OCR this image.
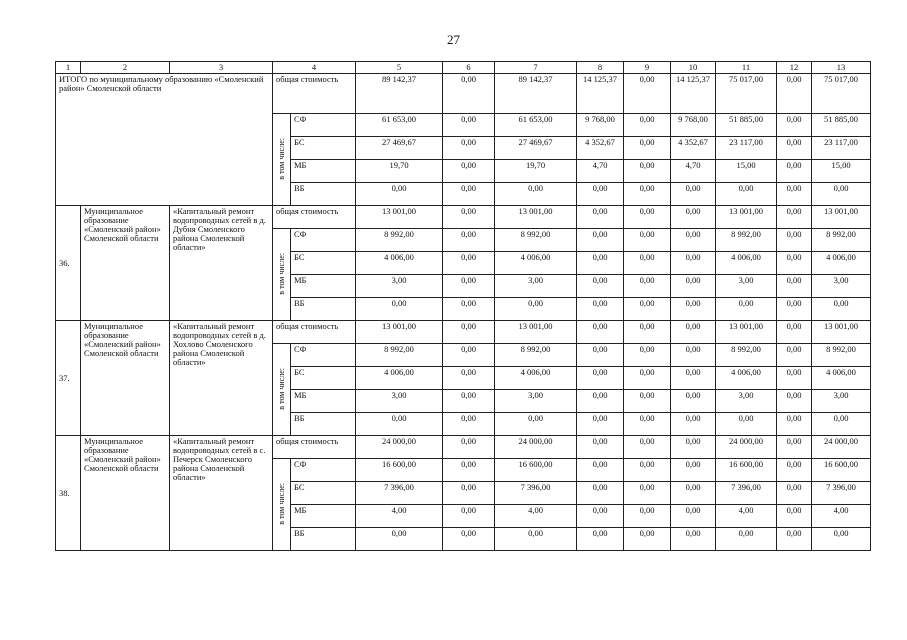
27
1	2	3	4		5	6	7	8	9	10	11	12	13
ИТОГО по муниципальному образованию «Смоленский район» Смоленской области			общая стоимость		89 142,37	0,00	89 142,37	14 125,37	0,00	14 125,37	75 017,00	0,00	75 017,00
			в том числе:	СФ	61 653,00	0,00	61 653,00	9 768,00	0,00	9 768,00	51 885,00	0,00	51 885,00
				БС	27 469,67	0,00	27 469,67	4 352,67	0,00	4 352,67	23 117,00	0,00	23 117,00
				МБ	19,70	0,00	19,70	4,70	0,00	4,70	15,00	0,00	15,00
				ВБ	0,00	0,00	0,00	0,00	0,00	0,00	0,00	0,00	0,00
36.	Муниципальное образование «Смоленский район» Смоленской области	«Капитальный ремонт водопроводных сетей в д. Дубня Смоленского района Смоленской области»	общая стоимость		13 001,00	0,00	13 001,00	0,00	0,00	0,00	13 001,00	0,00	13 001,00
			в том числе:	СФ	8 992,00	0,00	8 992,00	0,00	0,00	0,00	8 992,00	0,00	8 992,00
				БС	4 006,00	0,00	4 006,00	0,00	0,00	0,00	4 006,00	0,00	4 006,00
				МБ	3,00	0,00	3,00	0,00	0,00	0,00	3,00	0,00	3,00
				ВБ	0,00	0,00	0,00	0,00	0,00	0,00	0,00	0,00	0,00
37.	Муниципальное образование «Смоленский район» Смоленской области	«Капитальный ремонт водопроводных сетей в д. Хохлово Смоленского района Смоленской области»	общая стоимость		13 001,00	0,00	13 001,00	0,00	0,00	0,00	13 001,00	0,00	13 001,00
			в том числе:	СФ	8 992,00	0,00	8 992,00	0,00	0,00	0,00	8 992,00	0,00	8 992,00
				БС	4 006,00	0,00	4 006,00	0,00	0,00	0,00	4 006,00	0,00	4 006,00
				МБ	3,00	0,00	3,00	0,00	0,00	0,00	3,00	0,00	3,00
				ВБ	0,00	0,00	0,00	0,00	0,00	0,00	0,00	0,00	0,00
38.	Муниципальное образование «Смоленский район» Смоленской области	«Капитальный ремонт водопроводных сетей в с. Печерск Смоленского района Смоленской области»	общая стоимость		24 000,00	0,00	24 000,00	0,00	0,00	0,00	24 000,00	0,00	24 000,00
			в том числе:	СФ	16 600,00	0,00	16 600,00	0,00	0,00	0,00	16 600,00	0,00	16 600,00
				БС	7 396,00	0,00	7 396,00	0,00	0,00	0,00	7 396,00	0,00	7 396,00
				МБ	4,00	0,00	4,00	0,00	0,00	0,00	4,00	0,00	4,00
				ВБ	0,00	0,00	0,00	0,00	0,00	0,00	0,00	0,00	0,00
